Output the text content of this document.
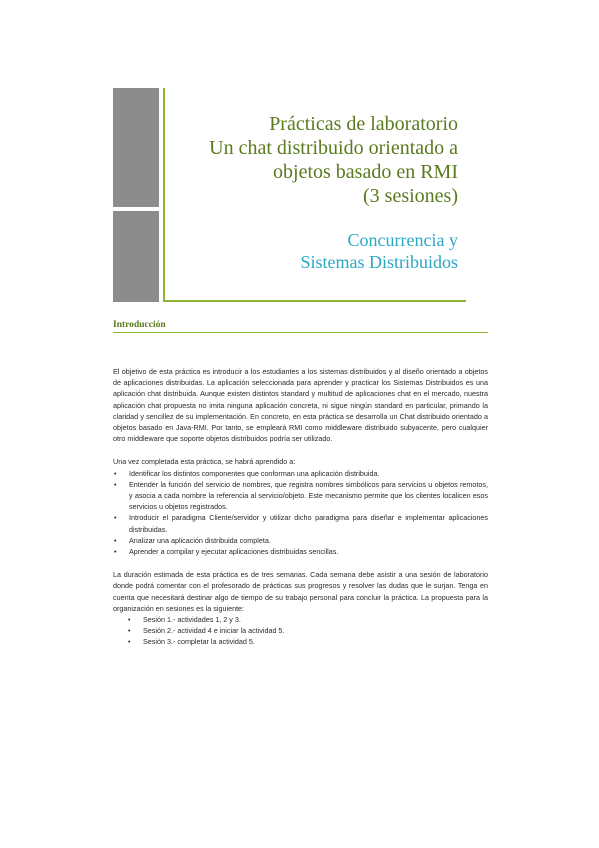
Prácticas de laboratorio
Un chat distribuido orientado a
objetos basado en RMI
(3 sesiones)
Concurrencia y
Sistemas Distribuidos
Introducción

El objetivo de esta práctica es introducir a los estudiantes a los sistemas distribuidos y al diseño orientado a objetos de aplicaciones distribuidas. La aplicación seleccionada para aprender y practicar los Sistemas Distribuidos es una aplicación chat distribuida. Aunque existen distintos standard y multitud de aplicaciones chat en el mercado, nuestra aplicación chat propuesta no imita ninguna aplicación concreta, ni sigue ningún standard en particular, primando la claridad y sencillez de su implementación. En concreto, en esta práctica se desarrolla un Chat distribuido orientado a objetos basado en Java-RMI. Por tanto, se empleará RMI como middleware distribuido subyacente, pero cualquier otro middleware que soporte objetos distribuidos podría ser utilizado.

Una vez completada esta práctica, se habrá aprendido a:

• Identificar los distintos componentes que conforman una aplicación distribuida.
• Entender la función del servicio de nombres, que registra nombres simbólicos para servicios u objetos remotos, y asocia a cada nombre la referencia al servicio/objeto. Este mecanismo permite que los clientes localicen esos servicios u objetos registrados.
• Introducir el paradigma Cliente/servidor y utilizar dicho paradigma para diseñar e implementar aplicaciones distribuidas.
• Analizar una aplicación distribuida completa.
• Aprender a compilar y ejecutar aplicaciones distribuidas sencillas.

La duración estimada de esta práctica es de tres semanas. Cada semana debe asistir a una sesión de laboratorio donde podrá comentar con el profesorado de prácticas sus progresos y resolver las dudas que le surjan. Tenga en cuenta que necesitará destinar algo de tiempo de su trabajo personal para concluir la práctica. La propuesta para la organización en sesiones es la siguiente:

• Sesión 1.- actividades 1, 2 y 3.
• Sesión 2.- actividad 4 e iniciar la actividad 5.
• Sesión 3.- completar la actividad 5.
